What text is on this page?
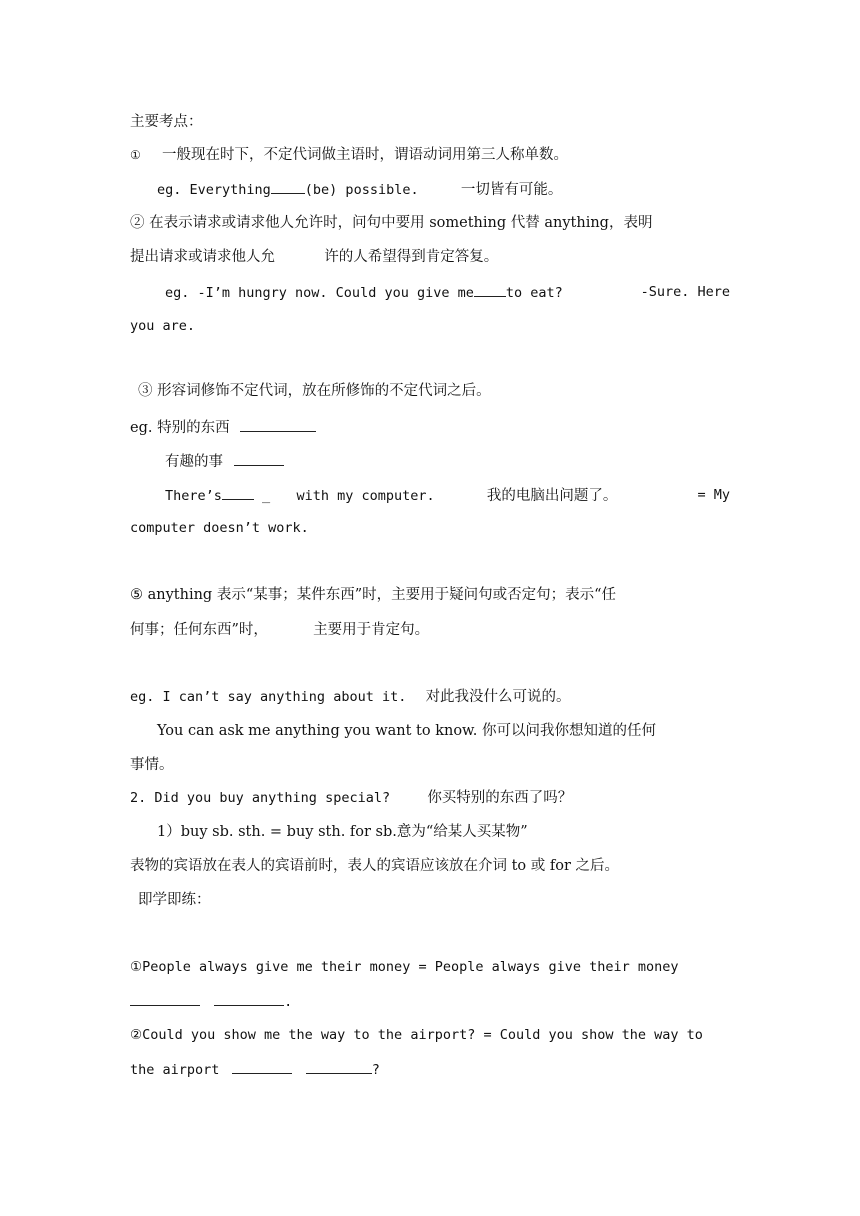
主要考点：
① 一般现在时下，不定代词做主语时，谓语动词用第三人称单数。
eg. Everything	(be) possible.	一切皆有可能。
② 在表示请求或请求他人允许时，问句中要用 something 代替 anything，表明
提出请求或请求他人允	许的人希望得到肯定答复。
eg. -I’m hungry now. Could you give me to eat?	-Sure. Here
you are.
③ 形容词修饰不定代词，放在所修饰的不定代词之后。
eg. 特别的东西
有趣的事
There’s	_ with my computer.	我的电脑出问题了。	= My
computer doesn’t work.
⑤ anything 表示“某事；某件东西”时，主要用于疑问句或否定句；表示“任
何事；任何东西”时，	主要用于肯定句。
eg. I can’t say anything about it. 对此我没什么可说的。
You can ask me anything you want to know. 你可以问我你想知道的任何
事情。
2. Did you buy anything special?	你买特别的东西了吗？
1）buy sb. sth. = buy sth. for sb.意为“给某人买某物”
表物的宾语放在表人的宾语前时，表人的宾语应该放在介词 to 或 for 之后。
即学即练：
①People always give me their money = People always give their money
.
②Could you show me the way to the airport? = Could you show the way to
the airport	?
